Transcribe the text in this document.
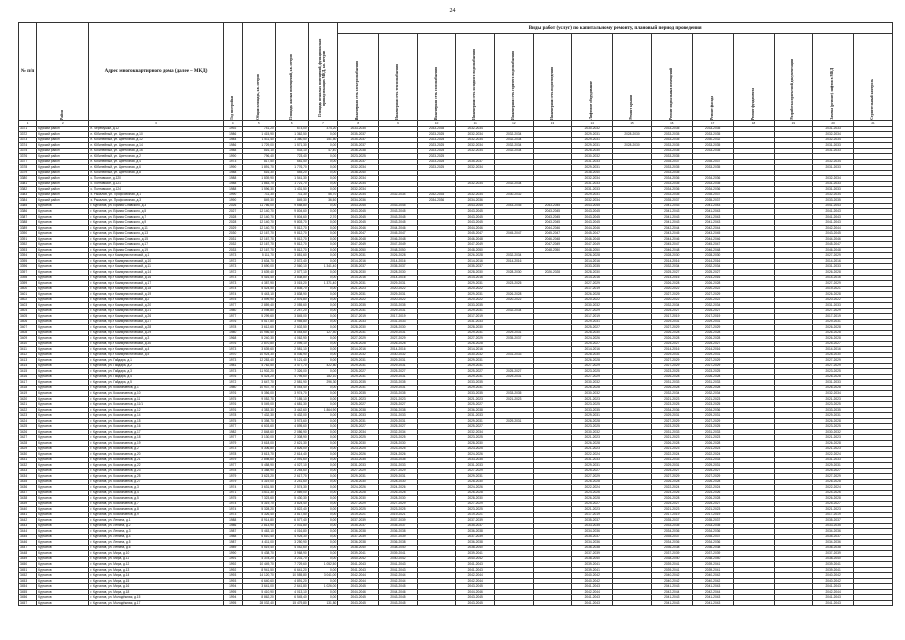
24
№ п/п	Район	Адрес многоквартирного дома (далее – МКД)	Год постройки	Общая площадь, кв. метров	Площадь жилых помещений, кв. метров	Площадь нежилых помещений, функционально принадлежащих МКД, кв. метров	Виды работ (услуг) по капитальному ремонту, плановый период проведения													

							Инженерная сеть электроснабжения	Инженерная сеть теплоснабжения	Инженерная сеть газоснабжения	Инженерная сеть холодного водоснабжения	Инженерная сеть горячего водоснабжения	Инженерная сеть водоотведения	Лифтовое оборудование	Ремонт крыши	Ремонт подвальных помещений	Ремонт фасада	Ремонт фундамента	Разработка проектной документации	Замена (ремонт) лифтов в МКД	Строительный контроль

1	2	3	4	5	6	7	8	9	10	11	12	13	14	15	16	17	18	19	20	21
3371	Курский район	п. Черемушки, д.12	1992	741,20	673,00	374,20	2033-2035		2033-2035	2032-2034			2030-2032		2033-2035	2033-2035			2031-2033	
3372	Курский район	п. Юбилейный, ул. Цветочная, д.10	1986	1 415,90	1 362,50	0,00	2035-2037		2023-2025	2032-2034	2032-2034		2029-2031	2028-2030	2033-2035	2033-2035			2032-2034	
3373	Курский район	п. Юбилейный, ул. Цветочная, д.12	1984	1 511,40	1 360,50	151,50	2035-2037		2023-2025	2032-2034	2032-2034		2029-2031		2033-2035	2030-2032			2032-2034	
3374	Курский район	п. Юбилейный, ул. Цветочная, д.14	1986	1 729,00	1 571,30	0,00	2035-2037		2023-2025	2032-2034	2032-2034		2029-2031	2028-2030	2033-2035	2033-2035			2031-2033	
3375	Курский район	п. Юбилейный, ул. Цветочная, д.16	1988	816,10	533,10	47,40	2036-2038		2023-2025	2032-2034	2032-2034		2028-2030		2033-2035	2033-2035			2031-2033	
3376	Курский район	п. Юбилейный, ул. Цветочная, д.2	1990	796,40	723,40	0,00	2023-2025		2023-2025				2030-2032		2033-2035					
3377	Курский район	п. Юбилейный, ул. Цветочная, д.4	1973	817,50	681,50	0,00	2035-2037		2023-2025	2035-2037			2031-2033		2035-2037	2035-2037			2032-2034	
3378	Курский район	п. Юбилейный, ул. Цветочная, д.6	1990	1 891,70	1 776,70	0,00	2032-2034		2023-2025	2032-2034			2029-2031		2033-2035	2033-2035			2031-2033	
3379	Курский район	п. Юбилейный, ул. Цветочная, д.8	1988	616,30	545,20	0,00	2038-2040						2038-2040		2033-2035					
3380	Курский район	с. Полтавское, д.120	1988	1 839,90	1 541,30	0,00	2032-2034						2032-2034		2034-2036	2034-2036			2032-2034	
3381	Курский район	с. Полтавское, д.121	1988	1 863,70	1 721,70	0,00	2032-2034			2032-2034	2032-2034		2031-2033		2033-2035	2033-2035			2031-2033	
3382	Курский район	с. Полтавское, д.124	1988	1 596,30	1 431,50	0,00	2032-2034						2031-2033		2034-2036	2034-2036			2031-2033	
3383	Курский район	х. Рыкалов, ул. Профсоюзная, д.1	1990	711,30	711,30	56,70	2032-2034	2032-2034	2032-2034	2032-2034	2030-2032		2029-2031		2033-2035	2035-2037			2032-2034	
3384	Курский район	х. Рыкалов, ул. Профсоюзная, д.3	1990	849,30	849,30	36,50	2034-2036		2034-2036	2034-2036			2032-2034		2035-2037	2035-2037			2033-2035	
3385	Курчатов	г. Курчатов, ул. Ефима Славского, д.3	2026	11 766,00	9 658,80	0,00	2043-2045	2043-2045		2043-2045	2043-2045	2043-2045	2043-2045		2041-2043	2041-2043			2041-2043	
3386	Курчатов	г. Курчатов, ул. Ефима Славского, д.5	2027	12 140,70	9 804,60	0,00	2043-2045	2043-2045		2043-2045		2043-2045	2043-2045		2041-2043	2041-2043			2041-2043	
3387	Курчатов	г. Курчатов, ул. Ефима Славского, д.7	2028	12 140,70	9 804,60	2,70	2043-2045	2043-2045		2043-2045		2043-2045	2043-2045		2041-2043	2041-2043			2041-2043	
3388	Курчатов	г. Курчатов, ул. Ефима Славского, д.9	2028	12 140,70	9 803,70	0,00	2043-2045	2043-2045		2043-2045		2043-2045	2043-2045		2041-2043	2041-2043			2041-2043	
3389	Курчатов	г. Курчатов, ул. Ефима Славского, д.11	2029	12 140,70	9 812,70	0,00	2044-2046	2044-2046		2044-2046		2044-2046	2044-2046		2042-2044	2042-2044			2042-2044	
3390	Курчатов	г. Курчатов, ул. Ефима Славского, д.13	2030	12 167,70	9 812,70	0,00	2045-2047	2045-2047		2045-2047	2045-2047	2045-2047	2045-2047		2043-2045	2043-2045			2043-2045	
3391	Курчатов	г. Курчатов, ул. Ефима Славского, д.15	2031	12 167,70	9 812,70	0,00	2046-2048	2046-2048		2046-2048		2046-2048	2046-2048		2044-2046	2044-2046			2044-2046	
3392	Курчатов	г. Курчатов, ул. Ефима Славского, д.17	2032	12 167,70	9 812,70	0,00	2047-2049	2047-2049		2047-2049		2047-2049	2047-2049		2045-2047	2045-2047			2045-2047	
3393	Курчатов	г. Курчатов, ул. Ефима Славского, д.19	2033	12 167,70	9 812,70	0,00	2048-2050	2048-2050		2048-2050		2048-2050	2048-2050		2046-2048	2046-2048			2046-2048	
3394	Курчатов	г. Курчатов, пр-т Коммунистический, д.1	1973	5 111,70	3 851,60	0,00	2029-2031	2026-2028		2026-2028	2032-2034		2026-2028		2028-2030	2028-2030			2027-2029	
3395	Курчатов	г. Курчатов, пр-т Коммунистический, д.10	1972	3 634,70	2 572,40	0,00	2014-2016	2014-2016		2014-2016	2014-2016		2014-2016		2014-2016	2014-2016			2014-2016	
3396	Курчатов	г. Курчатов, пр-т Коммунистический, д.11	1973	3 690,00	2 560,10	1 341,40	2035-2037	2035-2037		2035-2037			2033-2035		2032-2034	2032-2034			2031-2033	
3397	Курчатов	г. Курчатов, пр-т Коммунистический, д.14	1972	3 639,40	2 577,10	0,00	2028-2030	2028-2030		2028-2030	2028-2030	2026-2028	2028-2030		2025-2027	2025-2027			2026-2028	
3398	Курчатов	г. Курчатов, пр-т Коммунистический, д.16	1973	5 416,40	3 838,80	0,00	2014-2016	2014-2016		2014-2016			2014-2016		2014-2016	2014-2016			2014-2016	
3399	Курчатов	г. Курчатов, пр-т Коммунистический, д.17	1973	4 387,90	3 015,20	1 371,40	2029-2031	2029-2031		2029-2031	2023-2025		2027-2029		2026-2028	2026-2028			2027-2029	
3400	Курчатов	г. Курчатов, пр-т Коммунистический, д.18	1974	5 424,50	3 835,70	0,00	2021-2023	2020-2022		2020-2022			2017-2019		2020-2022	2020-2022			2019-2021	
3401	Курчатов	г. Курчатов, пр-т Коммунистический, д.19	1974	5 443,10	3 838,90	0,00	2029-2031	2029-2031		2029-2031	2026-2028		2026-2028		2027-2029	2027-2029			2026-2028	
3402	Курчатов	г. Курчатов, пр-т Коммунистический, д.2	1975	3 599,90	2 576,80	0,00	2020-2022	2020-2022		2020-2022	2020-2022		2020-2022		2020-2022	2020-2022			2020-2022	
3403	Курчатов	г. Курчатов, пр-т Коммунистический, д.20	1977	2 859,40	2 055,60	0,00	2033-2035	2033-2035		2033-2035			2030-2032		2032-2034	2032-2034			2031-2033	
3404	Курчатов	г. Курчатов, пр-т Коммунистический, д.21	1980	3 098,80	2 247,20	0,00	2029-2031	2029-2031		2029-2031	2032-2034		2027-2029		2025-2027	2025-2027			2027-2029	
3405	Курчатов	г. Курчатов, пр-т Коммунистический, д.26	1977	5 299,60	3 845,00	0,00	2017-2019	2017-2019		2017-2019			2017-2019		2017-2019	2017-2019			2017-2019	
3406	Курчатов	г. Курчатов, пр-т Коммунистический, д.27	1976	5 517,80	3 955,80	0,00	2031-2033	2031-2033		2031-2033			2029-2031		2029-2031	2029-2031			2029-2031	
3407	Курчатов	г. Курчатов, пр-т Коммунистический, д.28	1978	3 612,60	2 602,50	0,00	2028-2030	2028-2030		2028-2030			2025-2027		2027-2029	2027-2029			2026-2028	
3408	Курчатов	г. Курчатов, пр-т Коммунистический, д.29	1980	10 956,40	8 044,60	127,40	2029-2031	2029-2031		2029-2031	2029-2031		2028-2030		2026-2028	2026-2028			2026-2028	
3409	Курчатов	г. Курчатов, пр-т Коммунистический, д.3	1968	5 240,30	4 062,90	0,00	2027-2029	2027-2029		2027-2029	2035-2037		2024-2026		2026-2028	2026-2028			2026-2028	
3410	Курчатов	г. Курчатов, пр-т Коммунистический, д.30	1976	2 870,80	2 095,10	0,00	2026-2028	2026-2028		2026-2028			2025-2027		2025-2027	2025-2027			2025-2027	
3411	Курчатов	г. Курчатов, пр-т Коммунистический, д.4	1973	3 639,60	2 581,10	0,00	2014-2016	2014-2016		2014-2016			2014-2016		2014-2016	2014-2016			2014-2016	
3412	Курчатов	г. Курчатов, пр-т Коммунистический, д.5	1970	10 924,30	8 036,90	0,00	2030-2032	2030-2032		2030-2032	2031-2033		2028-2030		2029-2031	2029-2031			2028-2030	
3413	Курчатов	г. Курчатов, ул. Гайдара, д.1	1973	12 283,40	9 121,40	0,00	2029-2031	2029-2031		2029-2031			2026-2028		2027-2029	2027-2029			2027-2029	
3414	Курчатов	г. Курчатов, ул. Гайдара, д.2	1981	4 762,50	3 477,70	422,80	2029-2031	2029-2031		2029-2031			2027-2029		2027-2029	2027-2029			2027-2029	
3415	Курчатов	г. Курчатов, ул. Гайдара, д.3	1973	11 902,20	7 326,00	0,00	2025-2027	2025-2027		2025-2027	2025-2027		2023-2025		2023-2025	2023-2025			2023-2025	
3416	Курчатов	г. Курчатов, ул. Гайдара, д.4	1976	6 424,20	4 795,60	182,10	2029-2031	2029-2031		2029-2031	2029-2031		2027-2029		2026-2028	2026-2028			2026-2028	
3417	Курчатов	г. Курчатов, ул. Гайдара, д.5	1972	3 647,70	2 581,90	296,30	2033-2035	2033-2035		2033-2035			2030-2032		2031-2033	2031-2033			2031-2033	
3418	Курчатов	г. Курчатов, ул. Космонавтов, д.1	1980	10 937,70	8 044,40	0,00	2029-2031	2029-2031		2029-2031			2026-2028		2026-2028	2026-2028			2026-2028	
3419	Курчатов	г. Курчатов, ул. Космонавтов, д.10	1976	5 356,00	3 974,70	0,00	2033-2035	2033-2035		2033-2035	2033-2035		2030-2032		2032-2034	2032-2034			2032-2034	
3420	Курчатов	г. Курчатов, ул. Космонавтов, д.11	1975	9 052,70	7 155,10	0,00	2021-2023	2021-2023		2021-2023	2021-2023		2021-2023		2021-2023	2021-2023			2021-2023	
3421	Курчатов	г. Курчатов, ул. Космонавтов, д.11/1	1976	5 049,00	4 681,30	0,00	2025-2027	2025-2027		2025-2027			2023-2025		2023-2025	2023-2025			2023-2025	
3422	Курчатов	г. Курчатов, ул. Космонавтов, д.12	1976	4 383,30	3 442,60	1 864,90	2036-2038	2036-2038		2036-2038			2033-2035		2034-2036	2034-2036			2033-2035	
3423	Курчатов	г. Курчатов, ул. Космонавтов, д.14	1978	7 432,30	5 432,00	0,00	2031-2033	2031-2033		2031-2033			2029-2031		2029-2031	2029-2031			2029-2031	
3424	Курчатов	г. Курчатов, ул. Космонавтов, д.15	1975	5 398,70	3 973,60	0,00	2029-2031	2029-2031		2029-2031	2029-2031		2026-2028		2027-2029	2027-2029			2026-2028	
3425	Курчатов	г. Курчатов, ул. Космонавтов, д.16	1977	6 603,60	4 895,60	0,00	2025-2027	2025-2027		2025-2027			2023-2025		2023-2025	2023-2025			2023-2025	
3426	Курчатов	г. Курчатов, ул. Космонавтов, д.17	1982	2 848,60	2 086,90	0,00	2032-2034	2032-2034		2032-2034			2030-2032		2031-2033	2031-2033			2030-2032	
3427	Курчатов	г. Курчатов, ул. Космонавтов, д.18	1977	3 130,00	2 308,90	0,00	2023-2025	2023-2025		2023-2025			2021-2023		2021-2023	2021-2023			2021-2023	
3428	Курчатов	г. Курчатов, ул. Космонавтов, д.19	1979	3 618,00	2 621,30	0,00	2028-2030	2028-2030		2028-2030			2026-2028		2026-2028	2026-2028			2026-2028	
3429	Курчатов	г. Курчатов, ул. Космонавтов, д.2	1973	5 306,80	3 826,00	0,00	2023-2025	2023-2025		2023-2025			2021-2023		2021-2023	2021-2023			2021-2023	
3430	Курчатов	г. Курчатов, ул. Космонавтов, д.20	1978	3 613,70	2 614,40	0,00	2024-2026	2024-2026		2024-2026			2022-2024		2022-2024	2022-2024			2022-2024	
3431	Курчатов	г. Курчатов, ул. Космонавтов, д.21	1979	2 898,60	2 091,60	0,00	2033-2035	2033-2035		2033-2035			2031-2033		2031-2033	2031-2033			2031-2033	
3432	Курчатов	г. Курчатов, ул. Космонавтов, д.22	1977	5 458,90	4 027,10	0,00	2031-2033	2031-2033		2031-2033			2029-2031		2029-2031	2029-2031			2029-2031	
3433	Курчатов	г. Курчатов, ул. Космонавтов, д.23	1978	4 388,90	3 254,60	0,00	2027-2029	2027-2029		2027-2029			2025-2027		2025-2027	2025-2027			2025-2027	
3434	Курчатов	г. Курчатов, ул. Космонавтов, д.25	1979	3 623,20	2 617,70	0,00	2029-2031	2029-2031		2029-2031			2027-2029		2027-2029	2027-2029			2027-2029	
3435	Курчатов	г. Курчатов, ул. Космонавтов, д.27	1979	4 319,00	3 241,60	0,00	2028-2030	2028-2030		2028-2030			2026-2028		2026-2028	2026-2028			2026-2028	
3436	Курчатов	г. Курчатов, ул. Космонавтов, д.3	1974	3 631,50	2 574,30	0,00	2024-2026	2024-2026		2024-2026			2022-2024		2022-2024	2022-2024			2022-2024	
3437	Курчатов	г. Курчатов, ул. Космонавтов, д.4	1971	3 611,30	2 569,00	0,00	2026-2028	2026-2028		2026-2028			2024-2026		2024-2026	2024-2026			2024-2026	
3438	Курчатов	г. Курчатов, ул. Космонавтов, д.5	1975	7 323,60	5 430,30	0,00	2028-2030	2028-2030		2028-2030			2026-2028		2026-2028	2026-2028			2026-2028	
3439	Курчатов	г. Курчатов, ул. Космонавтов, д.7	1974	5 319,70	3 824,40	0,00	2027-2029	2027-2029		2027-2029			2025-2027		2025-2027	2025-2027			2025-2027	
3440	Курчатов	г. Курчатов, ул. Космонавтов, д.8	1974	5 328,20	3 822,40	0,00	2023-2025	2023-2025		2023-2025			2021-2023		2021-2023	2021-2023			2021-2023	
3441	Курчатов	г. Курчатов, ул. Космонавтов, д.9	1973	5 326,40	3 817,50	0,00	2019-2021	2019-2021		2019-2021			2017-2019		2017-2019	2017-2019			2017-2019	
3442	Курчатов	г. Курчатов, ул. Ленина, д.1	1988	8 914,80	6 577,40	0,00	2037-2039	2037-2039		2037-2039			2035-2037		2035-2037	2035-2037			2035-2037	
3443	Курчатов	г. Курчатов, ул. Ленина, д.2	1986	2 813,90	2 031,80	0,00	2035-2037	2035-2037		2035-2037			2033-2035		2033-2035	2033-2035			2033-2035	
3444	Курчатов	г. Курчатов, ул. Ленина, д.3	1987	5 463,10	4 016,80	0,00	2036-2038	2036-2038		2036-2038			2034-2036		2034-2036	2034-2036			2034-2036	
3445	Курчатов	г. Курчатов, ул. Ленина, д.4	1988	6 610,40	4 925,30	0,00	2037-2039	2037-2039		2037-2039			2035-2037		2035-2037	2035-2037			2035-2037	
3446	Курчатов	г. Курчатов, ул. Ленина, д.5	1987	4 411,00	3 250,90	0,00	2036-2038	2036-2038		2036-2038			2034-2036		2034-2036	2034-2036			2034-2036	
3447	Курчатов	г. Курчатов, ул. Ленина, д.6	1989	5 519,40	4 042,60	0,00	2038-2040	2038-2040		2038-2040			2036-2038		2036-2038	2036-2038			2036-2038	
3448	Курчатов	г. Курчатов, ул. Мира, д.10	1990	5 438,70	3 968,90	0,00	2039-2041	2039-2041		2039-2041			2037-2039		2037-2039	2037-2039			2037-2039	
3449	Курчатов	г. Курчатов, ул. Мира, д.11	1991	4 378,20	3 231,70	0,00	2040-2042	2040-2042		2040-2042			2038-2040		2038-2040	2038-2040			2038-2040	
3450	Курчатов	г. Курчатов, ул. Мира, д.12	1992	10 449,70	7 729,60	1 052,50	2041-2043	2041-2043		2041-2043			2039-2041		2039-2041	2039-2041			2039-2041	
3451	Курчатов	г. Курчатов, ул. Мира, д.13	1992	8 941,50	6 641,20	0,00	2041-2043	2041-2043		2041-2043			2039-2041		2039-2041	2039-2041			2039-2041	
3452	Курчатов	г. Курчатов, ул. Мира, д.14	1993	14 120,70	10 555,80	3 041,00	2042-2044	2042-2044		2042-2044			2040-2042		2040-2042	2040-2042			2040-2042	
3453	Курчатов	г. Курчатов, ул. Мира, д.15	1993	6 640,60	4 891,20	0,00	2042-2044	2042-2044		2042-2044			2040-2042		2040-2042	2040-2042			2040-2042	
3454	Курчатов	г. Курчатов, ул. Мира, д.16	1994	3 641,00	2 641,80	1 026,00	2043-2045	2043-2045		2043-2045			2041-2043		2041-2043	2041-2043			2041-2043	
3455	Курчатов	г. Курчатов, ул. Мира, д.18	1995	5 410,90	4 013,10	0,00	2044-2046	2044-2046		2044-2046			2042-2044		2042-2044	2042-2044			2042-2044	
3456	Курчатов	г. Курчатов, ул. Молодёжная, д.15	1994	8 862,20	6 545,40	0,00	2043-2045	2043-2045		2043-2045			2041-2043		2041-2043	2041-2043			2041-2043	
3457	Курчатов	г. Курчатов, ул. Молодёжная, д.17	1995	28 032,40	15 479,80	131,80	2043-2045	2043-2045		2043-2045			2041-2043		2041-2043	2041-2043			2041-2043	
